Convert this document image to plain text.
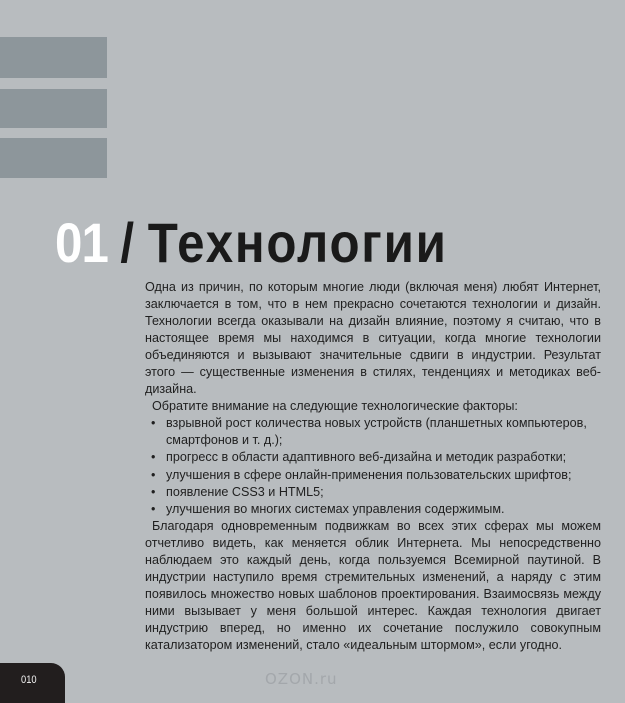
01 / Технологии

Одна из причин, по которым многие люди (включая меня) любят Интернет, заключается в том, что в нем прекрасно сочетаются технологии и дизайн. Технологии всегда оказывали на дизайн влияние, поэтому я считаю, что в настоящее время мы находимся в ситуации, когда многие технологии объединяются и вызывают значительные сдвиги в индустрии. Результат этого — существенные изменения в стилях, тенденциях и методиках веб-дизайна.

Обратите внимание на следующие технологические факторы:

• взрывной рост количества новых устройств (планшетных компьютеров, смартфонов и т. д.);
• прогресс в области адаптивного веб-дизайна и методик разработки;
• улучшения в сфере онлайн-применения пользовательских шрифтов;
• появление CSS3 и HTML5;
• улучшения во многих системах управления содержимым.

Благодаря одновременным подвижкам во всех этих сферах мы можем отчетливо видеть, как меняется облик Интернета. Мы непосредственно наблюдаем это каждый день, когда пользуемся Всемирной паутиной. В индустрии наступило время стремительных изменений, а наряду с этим появилось множество новых шаблонов проектирования. Взаимосвязь между ними вызывает у меня большой интерес. Каждая технология двигает индустрию вперед, но именно их сочетание послужило совокупным катализатором изменений, стало «идеальным штормом», если угодно.

010	OZON.ru
